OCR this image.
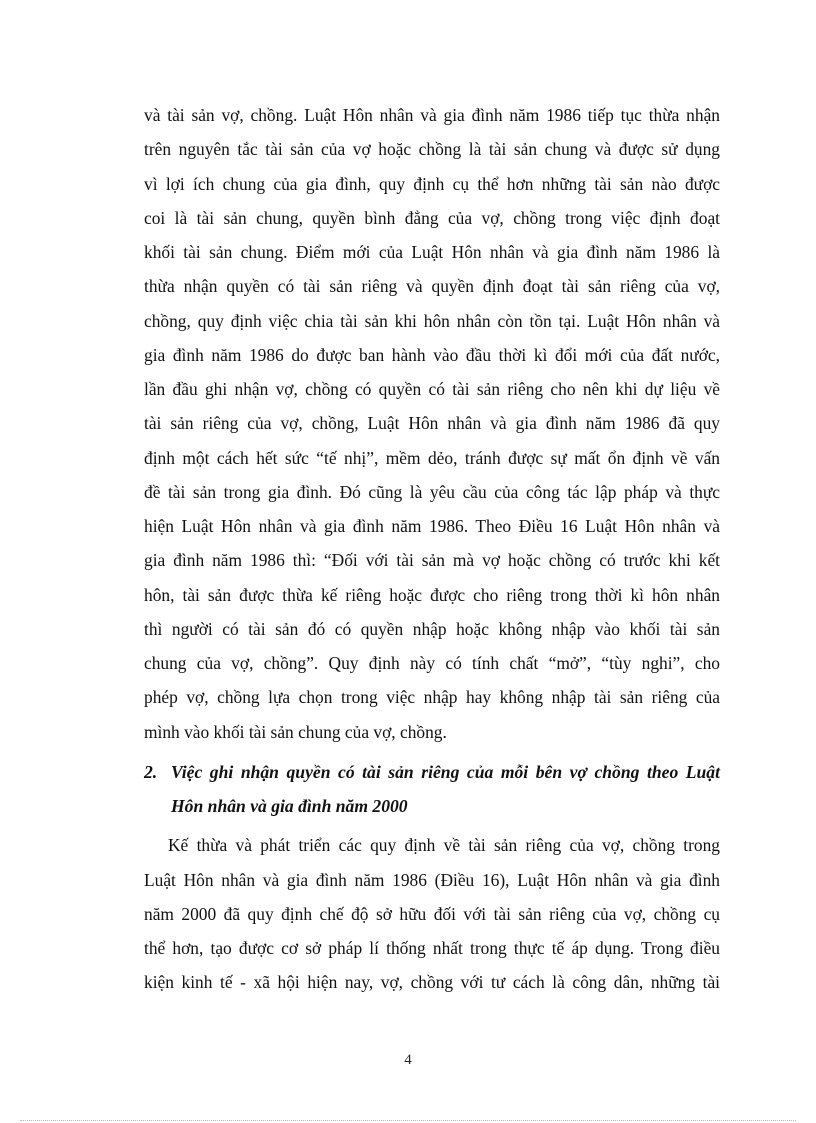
và tài sản vợ, chồng. Luật Hôn nhân và gia đình năm 1986 tiếp tục thừa nhận

trên nguyên tắc tài sản của vợ hoặc chồng là tài sản chung và được sử dụng

vì lợi ích chung của gia đình, quy định cụ thể hơn những tài sản nào được

coi là tài sản chung, quyền bình đẳng của vợ, chồng trong việc định đoạt

khối tài sản chung. Điểm mới của Luật Hôn nhân và gia đình năm 1986 là

thừa nhận quyền có tài sản riêng và quyền định đoạt tài sản riêng của vợ,

chồng, quy định việc chia tài sản khi hôn nhân còn tồn tại. Luật Hôn nhân và

gia đình năm 1986 do được ban hành vào đầu thời kì đổi mới của đất nước,

lần đầu ghi nhận vợ, chồng có quyền có tài sản riêng cho nên khi dự liệu về

tài sản riêng của vợ, chồng, Luật Hôn nhân và gia đình năm 1986 đã quy

định một cách hết sức “tế nhị”, mềm dẻo, tránh được sự mất ổn định về vấn

đề tài sản trong gia đình. Đó cũng là yêu cầu của công tác lập pháp và thực

hiện Luật Hôn nhân và gia đình năm 1986. Theo Điều 16 Luật Hôn nhân và

gia đình năm 1986 thì: “Đối với tài sản mà vợ hoặc chồng có trước khi kết

hôn, tài sản được thừa kế riêng hoặc được cho riêng trong thời kì hôn nhân

thì người có tài sản đó có quyền nhập hoặc không nhập vào khối tài sản

chung của vợ, chồng”. Quy định này có tính chất “mở”, “tùy nghi”, cho

phép vợ, chồng lựa chọn trong việc nhập hay không nhập tài sản riêng của

mình vào khối tài sản chung của vợ, chồng.

2. Việc ghi nhận quyền có tài sản riêng của mỗi bên vợ chồng theo Luật
Hôn nhân và gia đình năm 2000

Kế thừa và phát triển các quy định về tài sản riêng của vợ, chồng trong

Luật Hôn nhân và gia đình năm 1986 (Điều 16), Luật Hôn nhân và gia đình

năm 2000 đã quy định chế độ sở hữu đối với tài sản riêng của vợ, chồng cụ

thể hơn, tạo được cơ sở pháp lí thống nhất trong thực tế áp dụng. Trong điều

kiện kinh tế - xã hội hiện nay, vợ, chồng với tư cách là công dân, những tài

4
